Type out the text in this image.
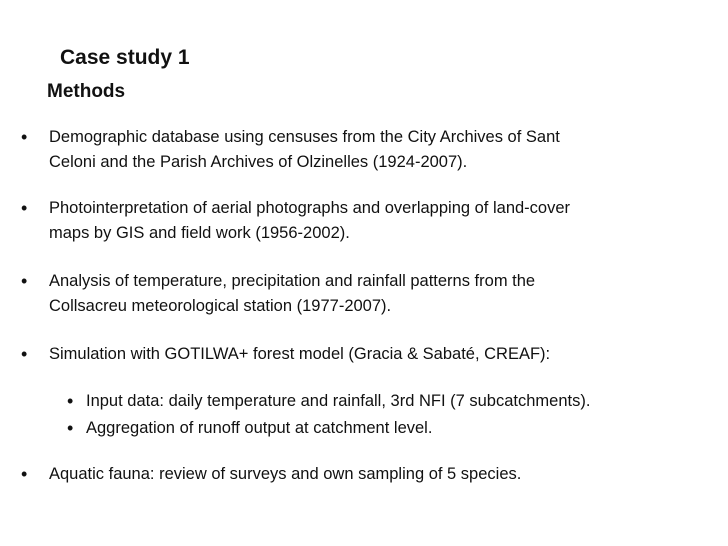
Case study 1
Methods
• Demographic database using censuses from the City Archives of Sant
Celoni and the Parish Archives of Olzinelles (1924-2007).
• Photointerpretation of aerial photographs and overlapping of land-cover
maps by GIS and field work (1956-2002).
• Analysis of temperature, precipitation and rainfall patterns from the
Collsacreu meteorological station (1977-2007).
• Simulation with GOTILWA+ forest model (Gracia & Sabaté, CREAF):
• Input data: daily temperature and rainfall, 3rd NFI (7 subcatchments).
• Aggregation of runoff output at catchment level.
• Aquatic fauna: review of surveys and own sampling of 5 species.
